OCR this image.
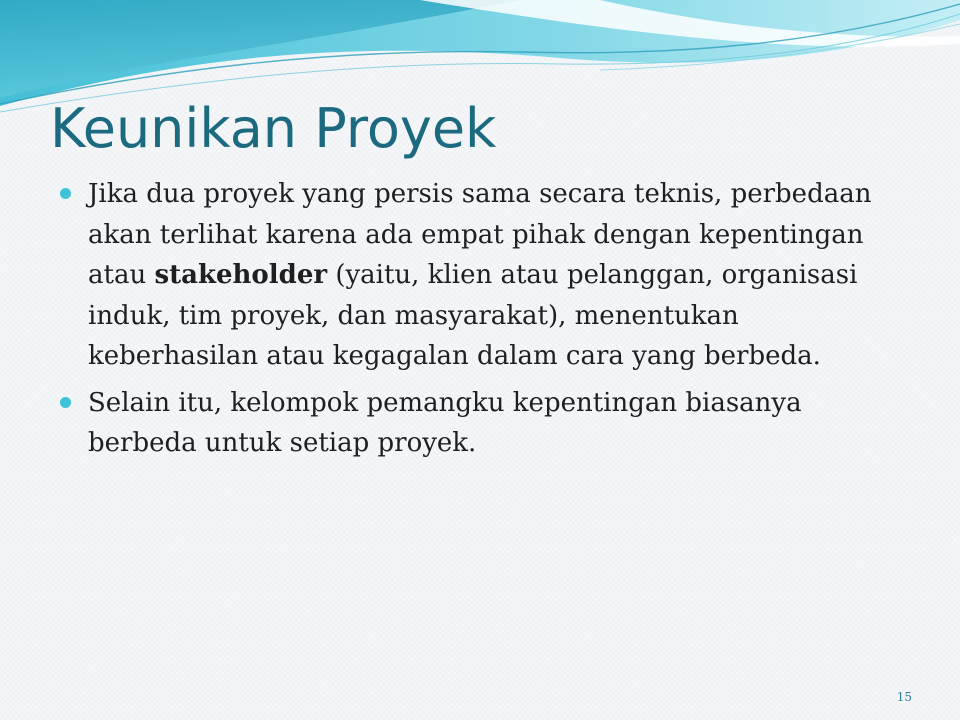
Keunikan Proyek
Jika dua proyek yang persis sama secara teknis, perbedaan akan terlihat karena ada empat pihak dengan kepentingan atau stakeholder (yaitu, klien atau pelanggan, organisasi induk, tim proyek, dan masyarakat), menentukan keberhasilan atau kegagalan dalam cara yang berbeda.
Selain itu, kelompok pemangku kepentingan biasanya berbeda untuk setiap proyek.
15
